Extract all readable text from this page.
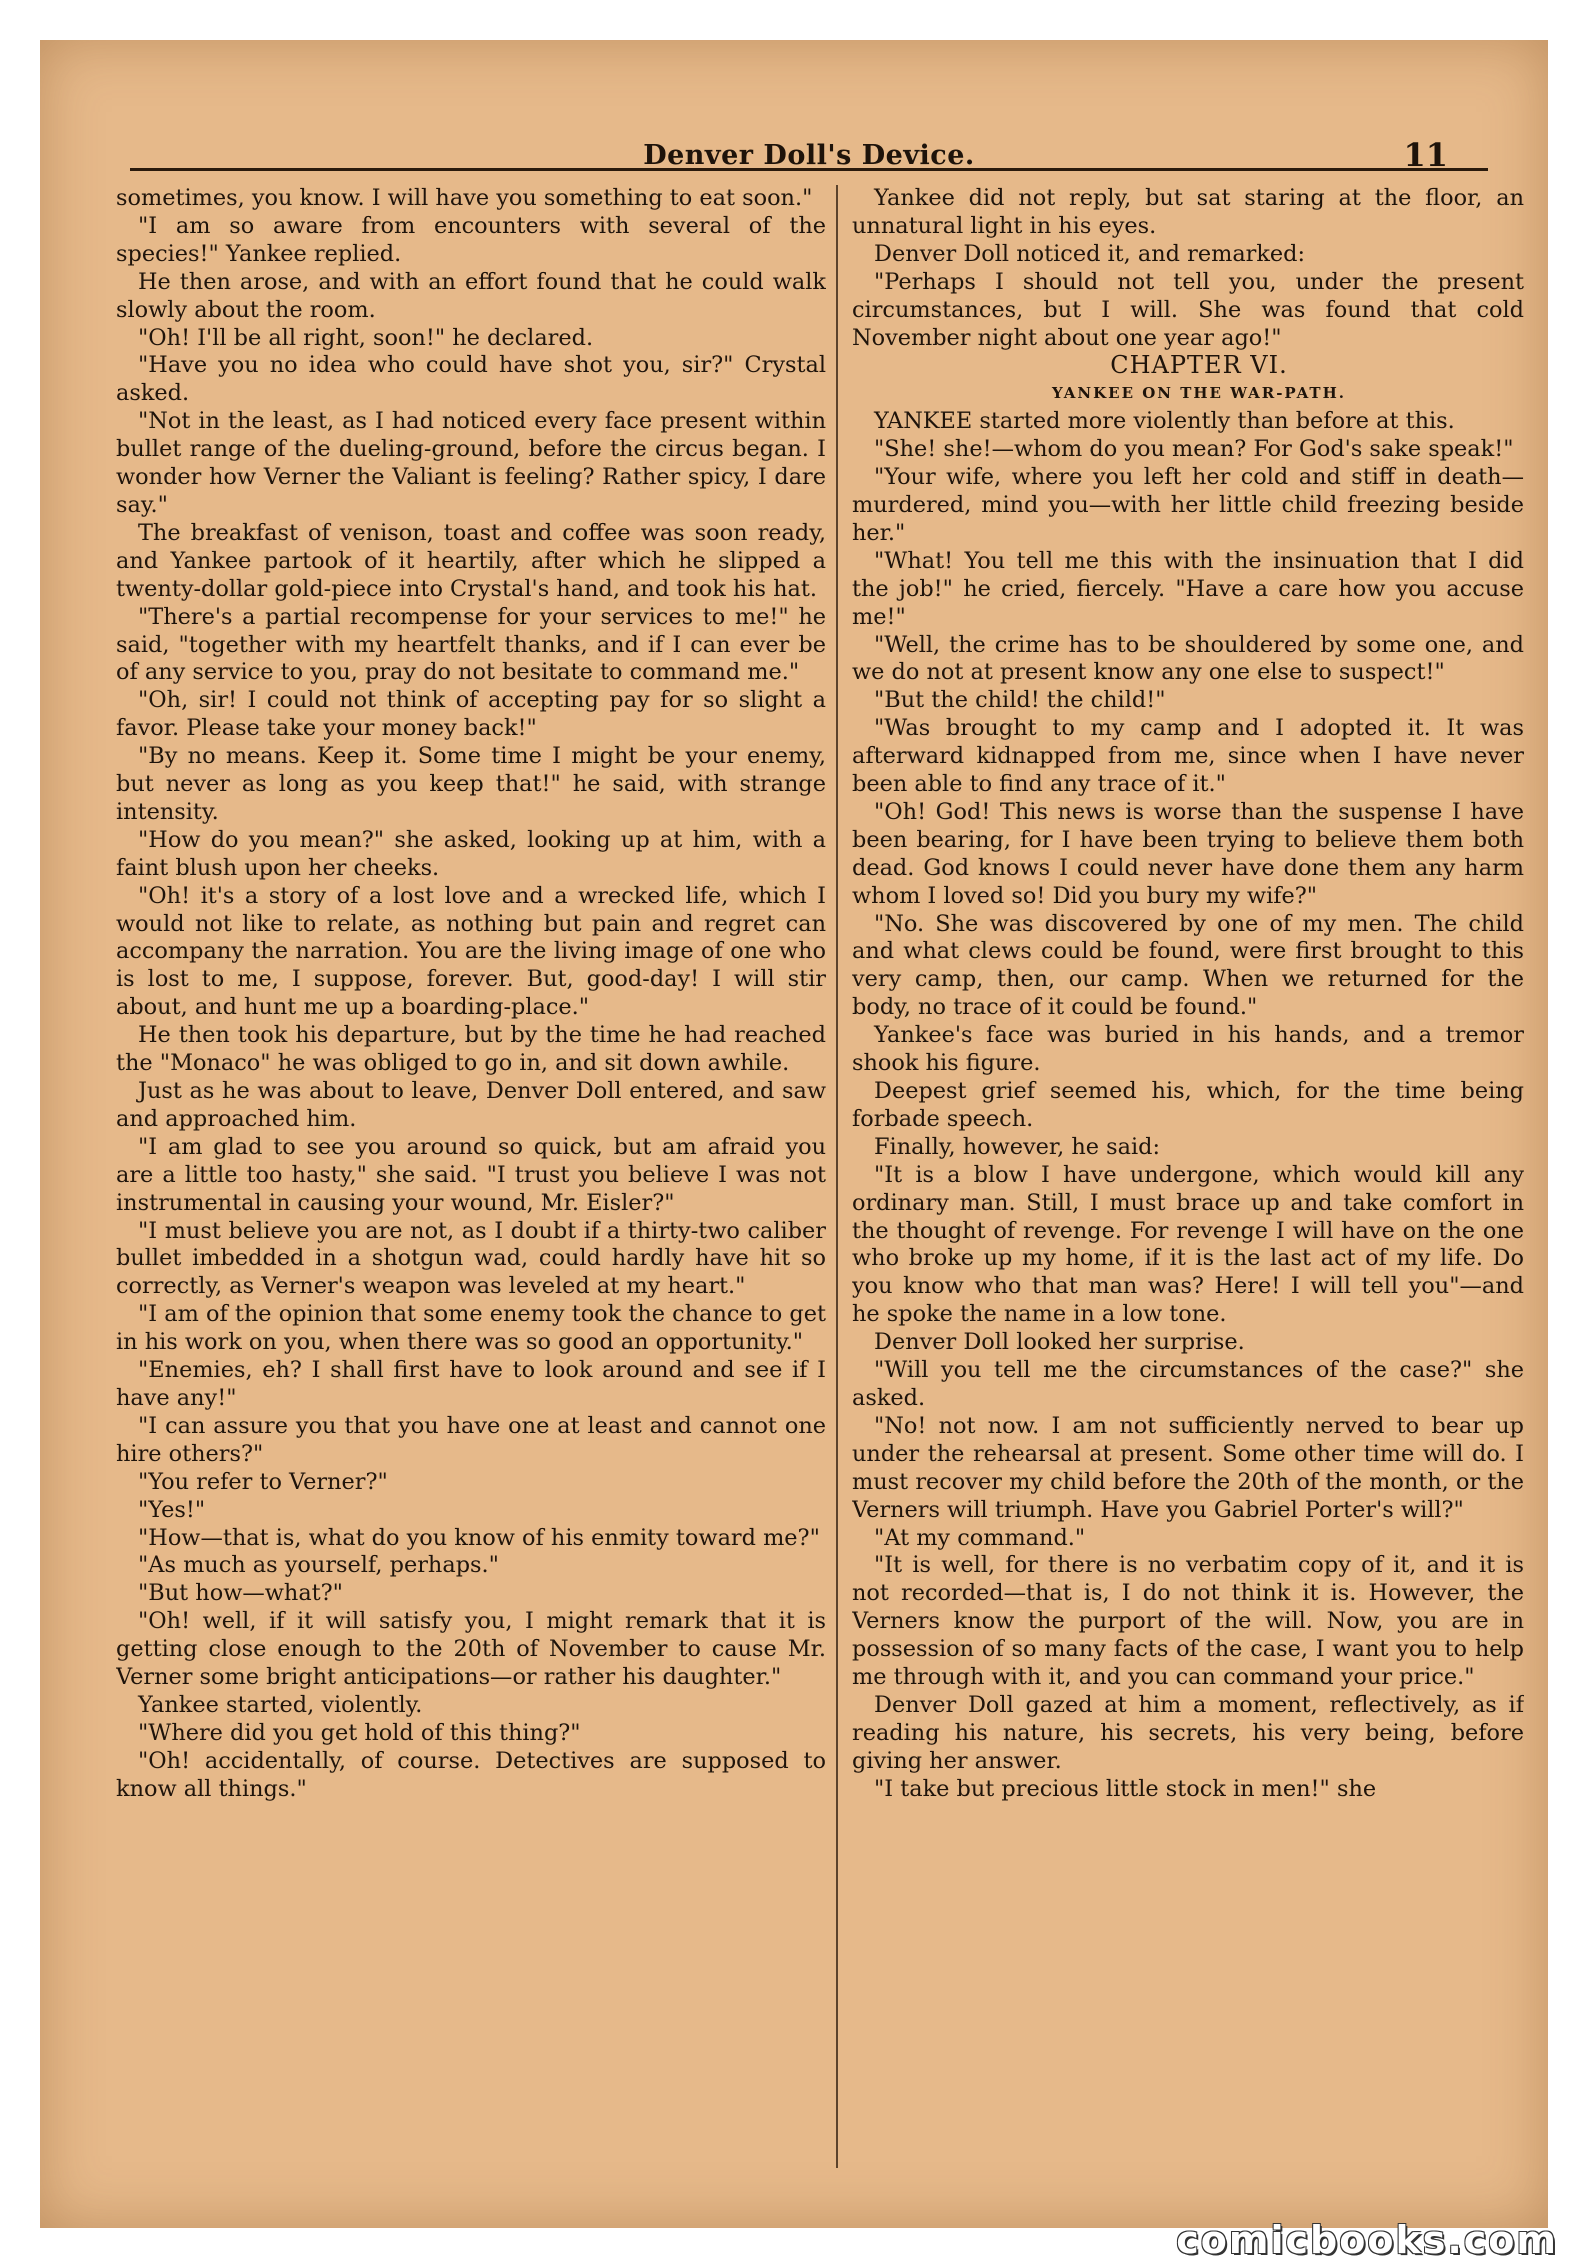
Denver Doll's Device.	11

sometimes, you know. I will have you something to eat soon."

"I am so aware from encounters with several of the species!" Yankee replied.

He then arose, and with an effort found that he could walk slowly about the room.

"Oh! I'll be all right, soon!" he declared.

"Have you no idea who could have shot you, sir?" Crystal asked.

"Not in the least, as I had noticed every face present within bullet range of the dueling-ground, before the circus began. I wonder how Verner the Valiant is feeling? Rather spicy, I dare say."

The breakfast of venison, toast and coffee was soon ready, and Yankee partook of it heartily, after which he slipped a twenty-dollar gold-piece into Crystal's hand, and took his hat.

"There's a partial recompense for your services to me!" he said, "together with my heartfelt thanks, and if I can ever be of any service to you, pray do not besitate to command me."

"Oh, sir! I could not think of accepting pay for so slight a favor. Please take your money back!"

"By no means. Keep it. Some time I might be your enemy, but never as long as you keep that!" he said, with strange intensity.

"How do you mean?" she asked, looking up at him, with a faint blush upon her cheeks.

"Oh! it's a story of a lost love and a wrecked life, which I would not like to relate, as nothing but pain and regret can accompany the narration. You are the living image of one who is lost to me, I suppose, forever. But, good-day! I will stir about, and hunt me up a boarding-place."

He then took his departure, but by the time he had reached the "Monaco" he was obliged to go in, and sit down awhile.

Just as he was about to leave, Denver Doll entered, and saw and approached him.

"I am glad to see you around so quick, but am afraid you are a little too hasty," she said. "I trust you believe I was not instrumental in causing your wound, Mr. Eisler?"

"I must believe you are not, as I doubt if a thirty-two caliber bullet imbedded in a shotgun wad, could hardly have hit so correctly, as Verner's weapon was leveled at my heart."

"I am of the opinion that some enemy took the chance to get in his work on you, when there was so good an opportunity."

"Enemies, eh? I shall first have to look around and see if I have any!"

"I can assure you that you have one at least and cannot one hire others?"

"You refer to Verner?"

"Yes!"

"How—that is, what do you know of his enmity toward me?"

"As much as yourself, perhaps."

"But how—what?"

"Oh! well, if it will satisfy you, I might remark that it is getting close enough to the 20th of November to cause Mr. Verner some bright anticipations—or rather his daughter."

Yankee started, violently.

"Where did you get hold of this thing?"

"Oh! accidentally, of course. Detectives are supposed to know all things."

Yankee did not reply, but sat staring at the floor, an unnatural light in his eyes.

Denver Doll noticed it, and remarked:

"Perhaps I should not tell you, under the present circumstances, but I will. She was found that cold November night about one year ago!"

CHAPTER VI.

YANKEE ON THE WAR-PATH.

YANKEE started more violently than before at this.

"She! she!—whom do you mean? For God's sake speak!"

"Your wife, where you left her cold and stiff in death—murdered, mind you—with her little child freezing beside her."

"What! You tell me this with the insinuation that I did the job!" he cried, fiercely. "Have a care how you accuse me!"

"Well, the crime has to be shouldered by some one, and we do not at present know any one else to suspect!"

"But the child! the child!"

"Was brought to my camp and I adopted it. It was afterward kidnapped from me, since when I have never been able to find any trace of it."

"Oh! God! This news is worse than the suspense I have been bearing, for I have been trying to believe them both dead. God knows I could never have done them any harm whom I loved so! Did you bury my wife?"

"No. She was discovered by one of my men. The child and what clews could be found, were first brought to this very camp, then, our camp. When we returned for the body, no trace of it could be found."

Yankee's face was buried in his hands, and a tremor shook his figure.

Deepest grief seemed his, which, for the time being forbade speech.

Finally, however, he said:

"It is a blow I have undergone, which would kill any ordinary man. Still, I must brace up and take comfort in the thought of revenge. For revenge I will have on the one who broke up my home, if it is the last act of my life. Do you know who that man was? Here! I will tell you"—and he spoke the name in a low tone.

Denver Doll looked her surprise.

"Will you tell me the circumstances of the case?" she asked.

"No! not now. I am not sufficiently nerved to bear up under the rehearsal at present. Some other time will do. I must recover my child before the 20th of the month, or the Verners will triumph. Have you Gabriel Porter's will?"

"At my command."

"It is well, for there is no verbatim copy of it, and it is not recorded—that is, I do not think it is. However, the Verners know the purport of the will. Now, you are in possession of so many facts of the case, I want you to help me through with it, and you can command your price."

Denver Doll gazed at him a moment, reflectively, as if reading his nature, his secrets, his very being, before giving her answer.

"I take but precious little stock in men!" she

comicbooks.com
